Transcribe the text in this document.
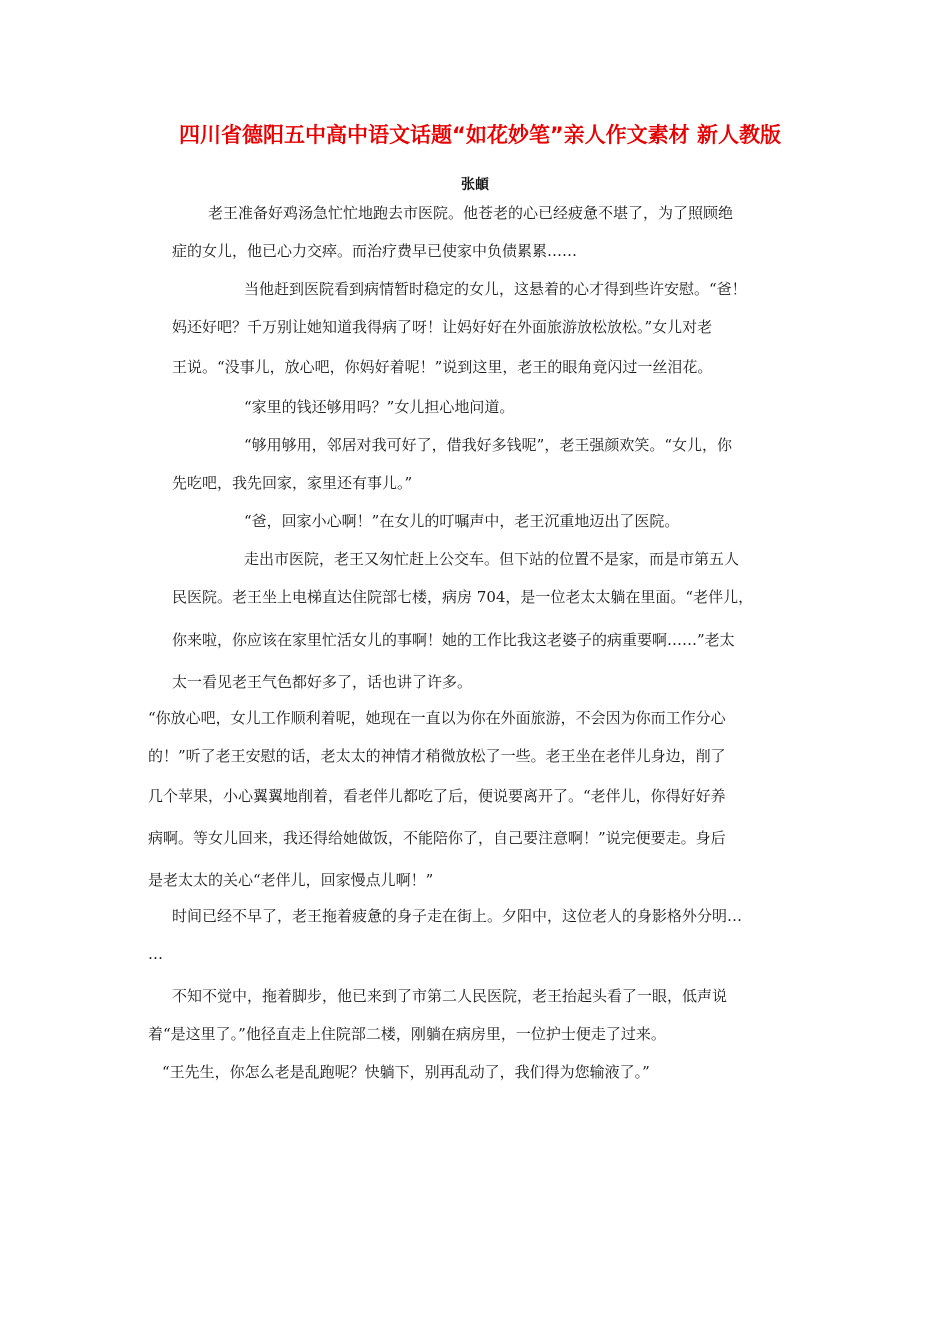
四川省德阳五中高中语文话题“如花妙笔”亲人作文素材 新人教版
张頔

老王准备好鸡汤急忙忙地跑去市医院。他苍老的心已经疲惫不堪了，为了照顾绝

症的女儿，他已心力交瘁。而治疗费早已使家中负债累累……

当他赶到医院看到病情暂时稳定的女儿，这悬着的心才得到些许安慰。“爸！

妈还好吧？千万别让她知道我得病了呀！让妈好好在外面旅游放松放松。”女儿对老

王说。“没事儿，放心吧，你妈好着呢！”说到这里，老王的眼角竟闪过一丝泪花。

“家里的钱还够用吗？”女儿担心地问道。

“够用够用，邻居对我可好了，借我好多钱呢”，老王强颜欢笑。“女儿，你

先吃吧，我先回家，家里还有事儿。”

“爸，回家小心啊！”在女儿的叮嘱声中，老王沉重地迈出了医院。

走出市医院，老王又匆忙赶上公交车。但下站的位置不是家，而是市第五人

民医院。老王坐上电梯直达住院部七楼，病房 704，是一位老太太躺在里面。“老伴儿，

你来啦，你应该在家里忙活女儿的事啊！她的工作比我这老婆子的病重要啊……”老太

太一看见老王气色都好多了，话也讲了许多。

“你放心吧，女儿工作顺利着呢，她现在一直以为你在外面旅游，不会因为你而工作分心

的！”听了老王安慰的话，老太太的神情才稍微放松了一些。老王坐在老伴儿身边，削了

几个苹果，小心翼翼地削着，看老伴儿都吃了后，便说要离开了。“老伴儿，你得好好养

病啊。等女儿回来，我还得给她做饭，不能陪你了，自己要注意啊！”说完便要走。身后

是老太太的关心“老伴儿，回家慢点儿啊！”

时间已经不早了，老王拖着疲惫的身子走在街上。夕阳中，这位老人的身影格外分明…

…

不知不觉中，拖着脚步，他已来到了市第二人民医院，老王抬起头看了一眼，低声说

着“是这里了。”他径直走上住院部二楼，刚躺在病房里，一位护士便走了过来。

“王先生，你怎么老是乱跑呢？快躺下，别再乱动了，我们得为您输液了。”
